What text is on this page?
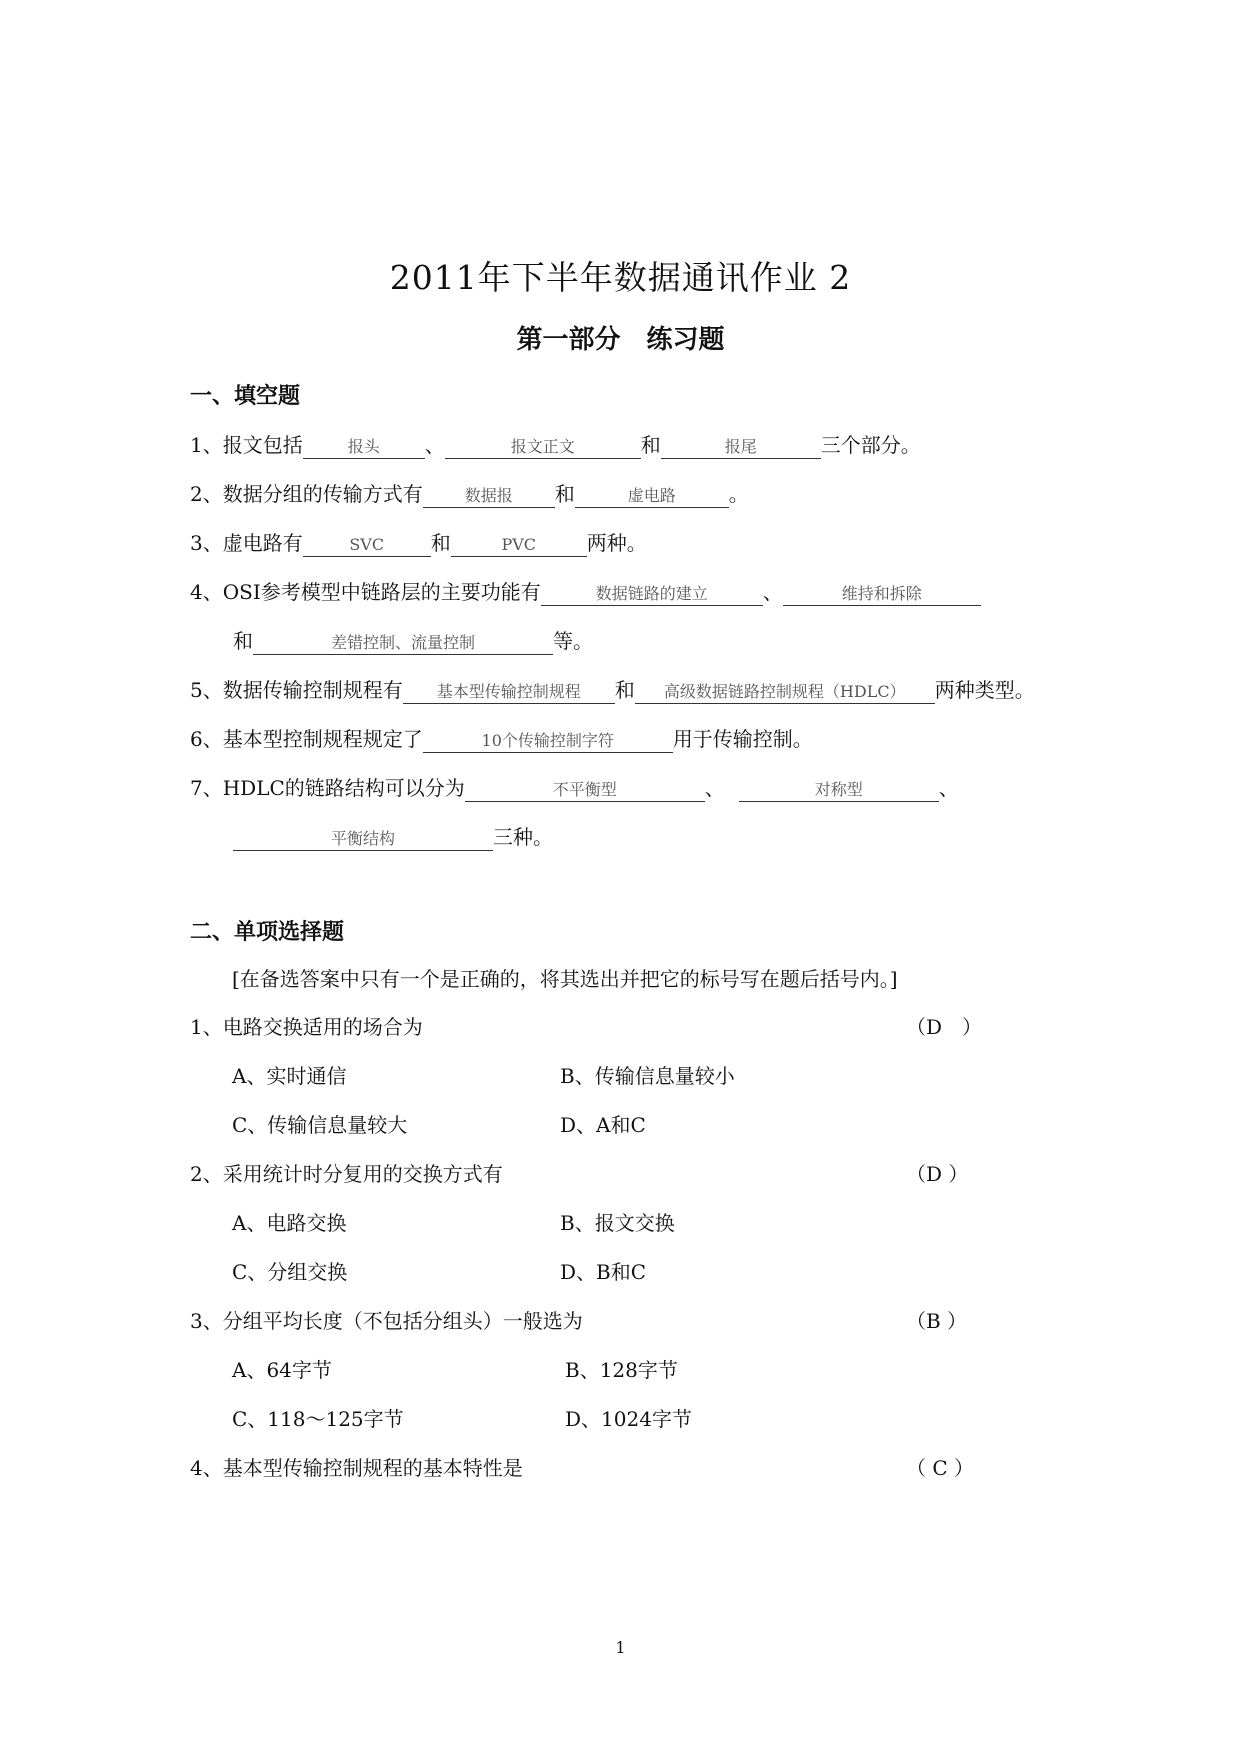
2011年下半年数据通讯作业 2
第一部分　练习题
一、填空题
1、报文包括	报头 、	报文正文	和	报尾	三个部分。
2、数据分组的传输方式有	数据报 和	虚电路	。
3、虚电路有	SVC 和	PVC	两种。
4、OSI参考模型中链路层的主要功能有	数据链路的建立	、	维持和拆除
和	差错控制、流量控制	等。
5、数据传输控制规程有 基本型传输控制规程 和 高级数据链路控制规程（HDLC） 两种类型。
6、基本型控制规程规定了	10个传输控制字符	用于传输控制。
7、HDLC的链路结构可以分为	不平衡型	、	对称型	、
平衡结构	三种。
二、单项选择题
[在备选答案中只有一个是正确的，将其选出并把它的标号写在题后括号内。]
1、电路交换适用的场合为	（D　）
A、实时通信	B、传输信息量较小
C、传输信息量较大	D、A和C
2、采用统计时分复用的交换方式有	（D ）
A、电路交换	B、报文交换
C、分组交换	D、B和C
3、分组平均长度（不包括分组头）一般选为	（B ）
A、64字节	B、128字节
C、118～125字节	D、1024字节
4、基本型传输控制规程的基本特性是	（ C ）
1
